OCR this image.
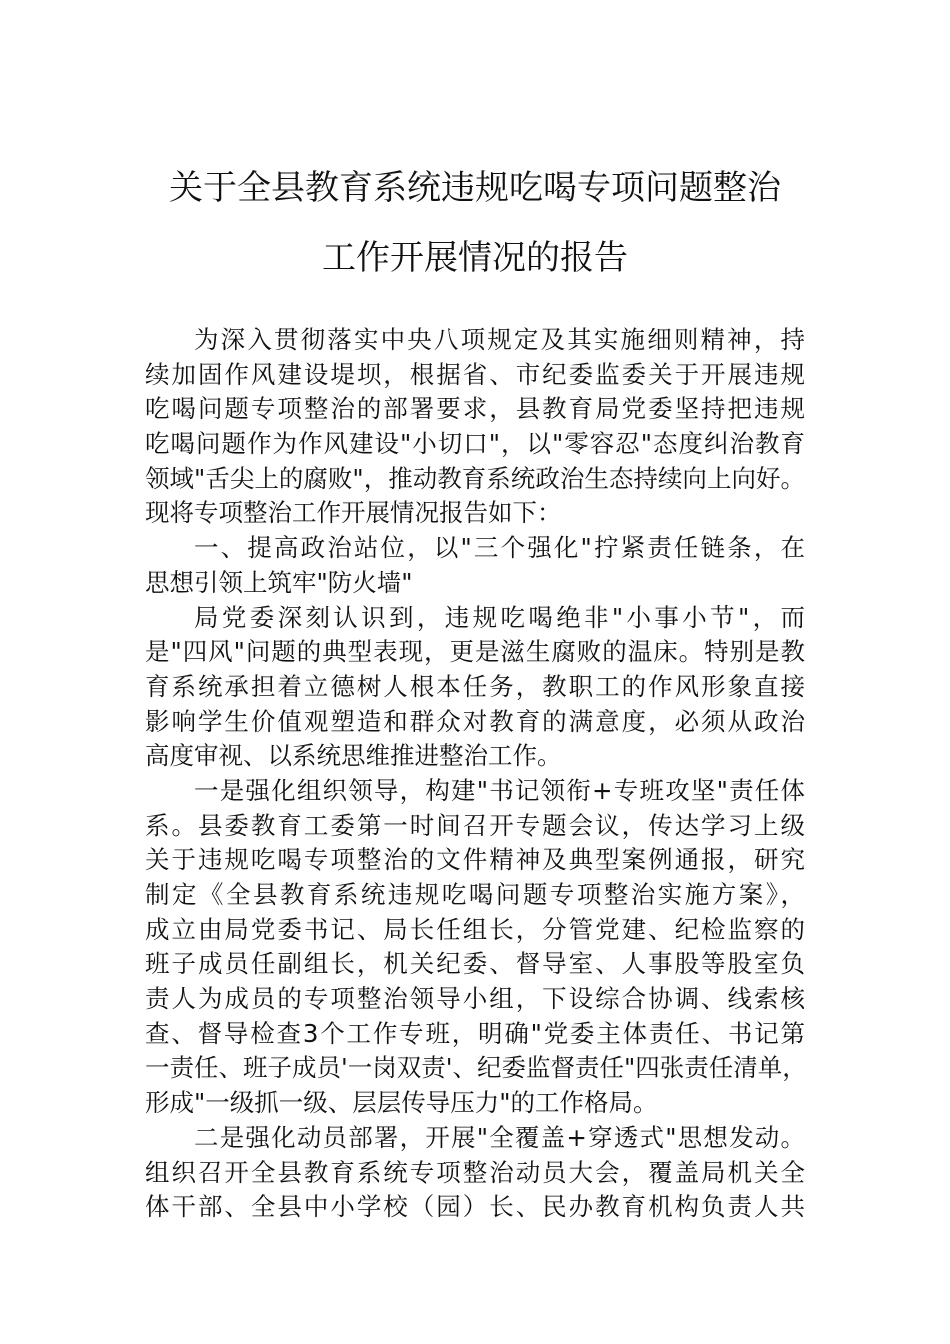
关于全县教育系统违规吃喝专项问题整治
工作开展情况的报告
为深入贯彻落实中央八项规定及其实施细则精神，持
续加固作风建设堤坝，根据省、市纪委监委关于开展违规
吃喝问题专项整治的部署要求，县教育局党委坚持把违规
吃喝问题作为作风建设"小切口"，以"零容忍"态度纠治教育
领域"舌尖上的腐败"，推动教育系统政治生态持续向上向好。
现将专项整治工作开展情况报告如下：
一、提高政治站位，以"三个强化"拧紧责任链条，在
思想引领上筑牢"防火墙"
局党委深刻认识到，违规吃喝绝非"小事小节"，而
是"四风"问题的典型表现，更是滋生腐败的温床。特别是教
育系统承担着立德树人根本任务，教职工的作风形象直接
影响学生价值观塑造和群众对教育的满意度，必须从政治
高度审视、以系统思维推进整治工作。
一是强化组织领导，构建"书记领衔+专班攻坚"责任体
系。县委教育工委第一时间召开专题会议，传达学习上级
关于违规吃喝专项整治的文件精神及典型案例通报，研究
制定《全县教育系统违规吃喝问题专项整治实施方案》，
成立由局党委书记、局长任组长，分管党建、纪检监察的
班子成员任副组长，机关纪委、督导室、人事股等股室负
责人为成员的专项整治领导小组，下设综合协调、线索核
查、督导检查3个工作专班，明确"党委主体责任、书记第
一责任、班子成员'一岗双责'、纪委监督责任"四张责任清单，
形成"一级抓一级、层层传导压力"的工作格局。
二是强化动员部署，开展"全覆盖+穿透式"思想发动。
组织召开全县教育系统专项整治动员大会，覆盖局机关全
体干部、全县中小学校（园）长、民办教育机构负责人共
